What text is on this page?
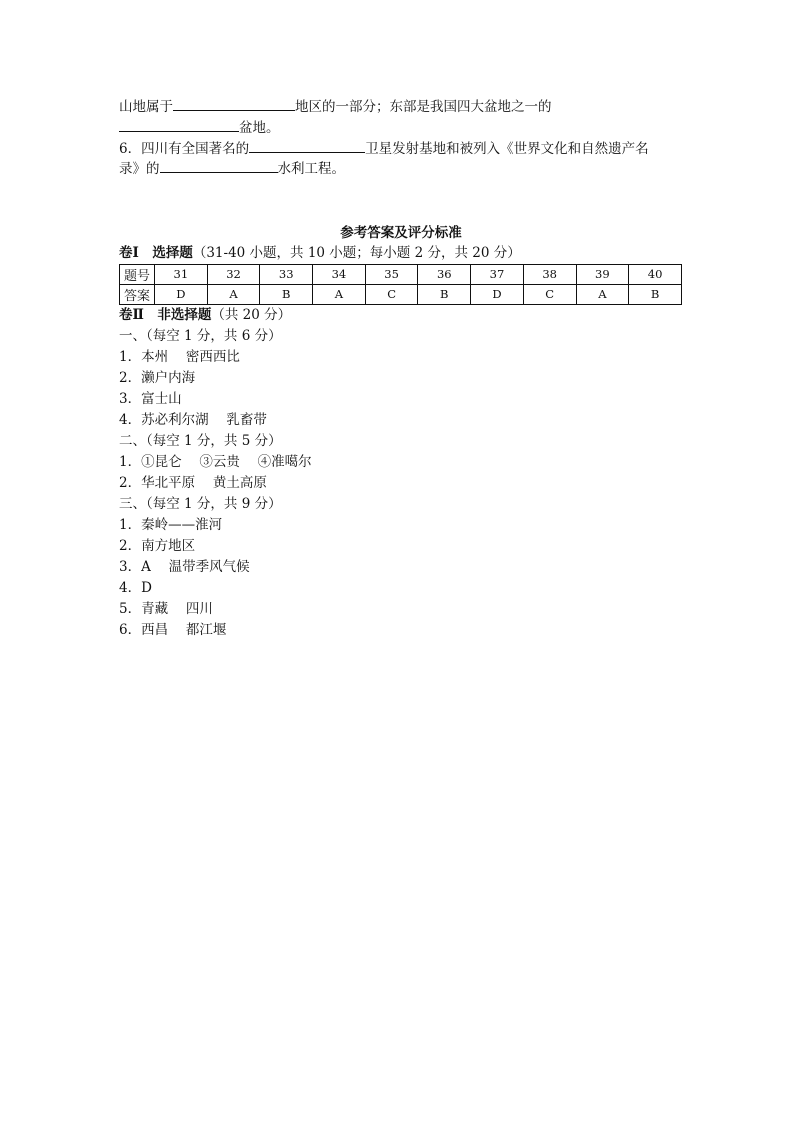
山地属于	地区的一部分；东部是我国四大盆地之一的
盆地。
6．四川有全国著名的	卫星发射基地和被列入《世界文化和自然遗产名
录》的	水利工程。
参考答案及评分标准
卷Ⅰ　选择题（31-40 小题，共 10 小题；每小题 2 分，共 20 分）
题号	31	32	33	34	35	36	37	38	39	40
答案	D	A	B	A	C	B	D	C	A	B
卷Ⅱ　非选择题（共 20 分）
一、（每空 1 分，共 6 分）
1．本州　 密西西比
2．濑户内海
3．富士山
4．苏必利尔湖　 乳畜带
二、（每空 1 分，共 5 分）
1．①昆仑　 ③云贵　 ④准噶尔
2．华北平原　 黄土高原
三、（每空 1 分，共 9 分）
1．秦岭——淮河
2．南方地区
3．A　 温带季风气候
4．D
5．青藏　 四川
6．西昌　 都江堰
